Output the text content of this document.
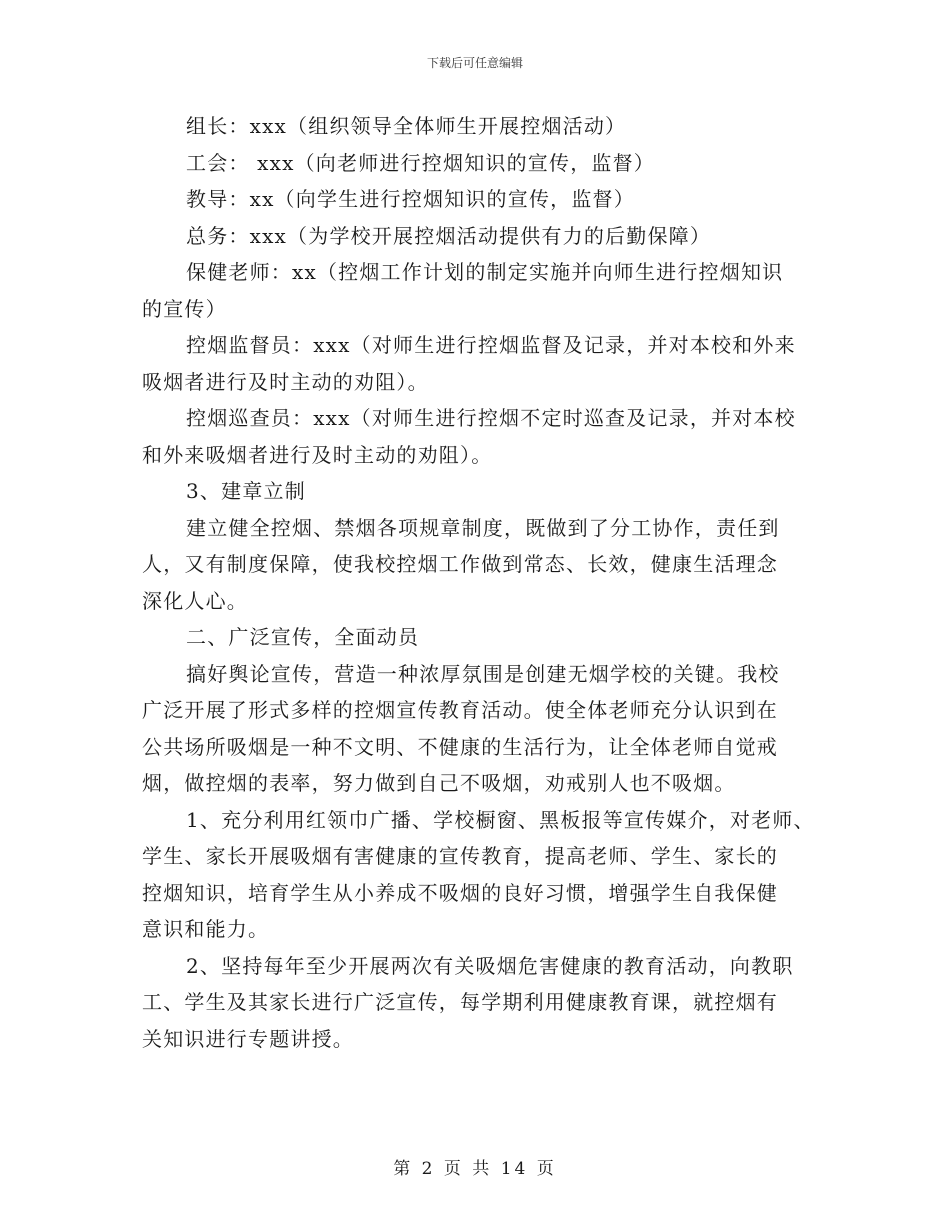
下载后可任意编辑

组长：xxx（组织领导全体师生开展控烟活动）
工会： xxx（向老师进行控烟知识的宣传，监督）
教导：xx（向学生进行控烟知识的宣传，监督）
总务：xxx（为学校开展控烟活动提供有力的后勤保障）
保健老师：xx（控烟工作计划的制定实施并向师生进行控烟知识
的宣传）
控烟监督员：xxx（对师生进行控烟监督及记录，并对本校和外来
吸烟者进行及时主动的劝阻）。
控烟巡查员：xxx（对师生进行控烟不定时巡查及记录，并对本校
和外来吸烟者进行及时主动的劝阻）。
3、建章立制
建立健全控烟、禁烟各项规章制度，既做到了分工协作，责任到
人，又有制度保障，使我校控烟工作做到常态、长效，健康生活理念
深化人心。
二、广泛宣传，全面动员
搞好舆论宣传，营造一种浓厚氛围是创建无烟学校的关键。我校
广泛开展了形式多样的控烟宣传教育活动。使全体老师充分认识到在
公共场所吸烟是一种不文明、不健康的生活行为，让全体老师自觉戒
烟，做控烟的表率，努力做到自己不吸烟，劝戒别人也不吸烟。
1、充分利用红领巾广播、学校橱窗、黑板报等宣传媒介，对老师、
学生、家长开展吸烟有害健康的宣传教育，提高老师、学生、家长的
控烟知识，培育学生从小养成不吸烟的良好习惯，增强学生自我保健
意识和能力。
2、坚持每年至少开展两次有关吸烟危害健康的教育活动，向教职
工、学生及其家长进行广泛宣传，每学期利用健康教育课，就控烟有
关知识进行专题讲授。

第 2 页 共 14 页
